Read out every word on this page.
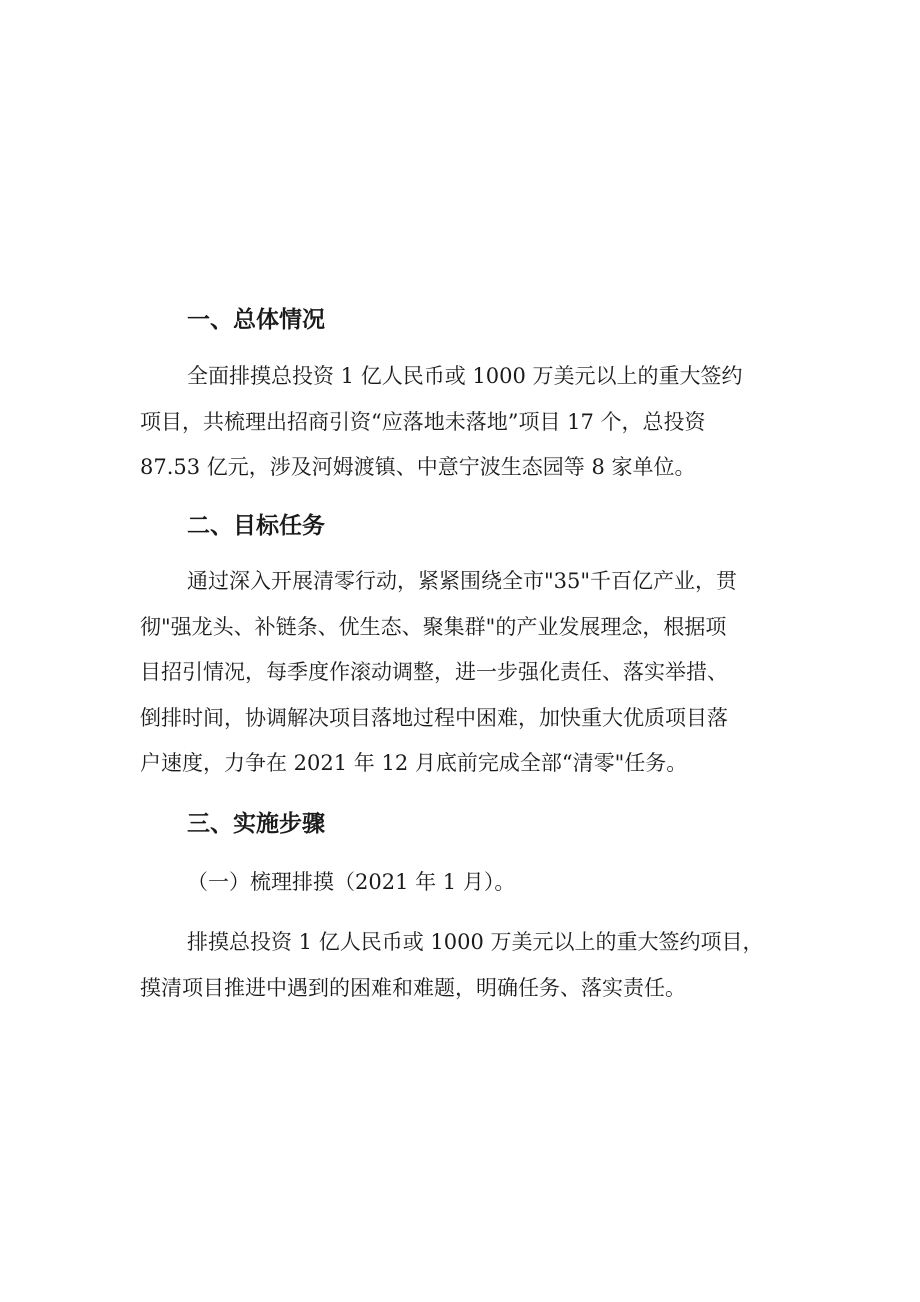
一、总体情况

全面排摸总投资 1 亿人民币或 1000 万美元以上的重大签约
项目，共梳理出招商引资“应落地未落地”项目 17 个，总投资
87.53 亿元，涉及河姆渡镇、中意宁波生态园等 8 家单位。

二、目标任务

通过深入开展清零行动，紧紧围绕全市"35"千百亿产业，贯
彻"强龙头、补链条、优生态、聚集群"的产业发展理念，根据项
目招引情况，每季度作滚动调整，进一步强化责任、落实举措、
倒排时间，协调解决项目落地过程中困难，加快重大优质项目落
户速度，力争在 2021 年 12 月底前完成全部“清零"任务。

三、实施步骤

（一）梳理排摸（2021 年 1 月）。

排摸总投资 1 亿人民币或 1000 万美元以上的重大签约项目，
摸清项目推进中遇到的困难和难题，明确任务、落实责任。
